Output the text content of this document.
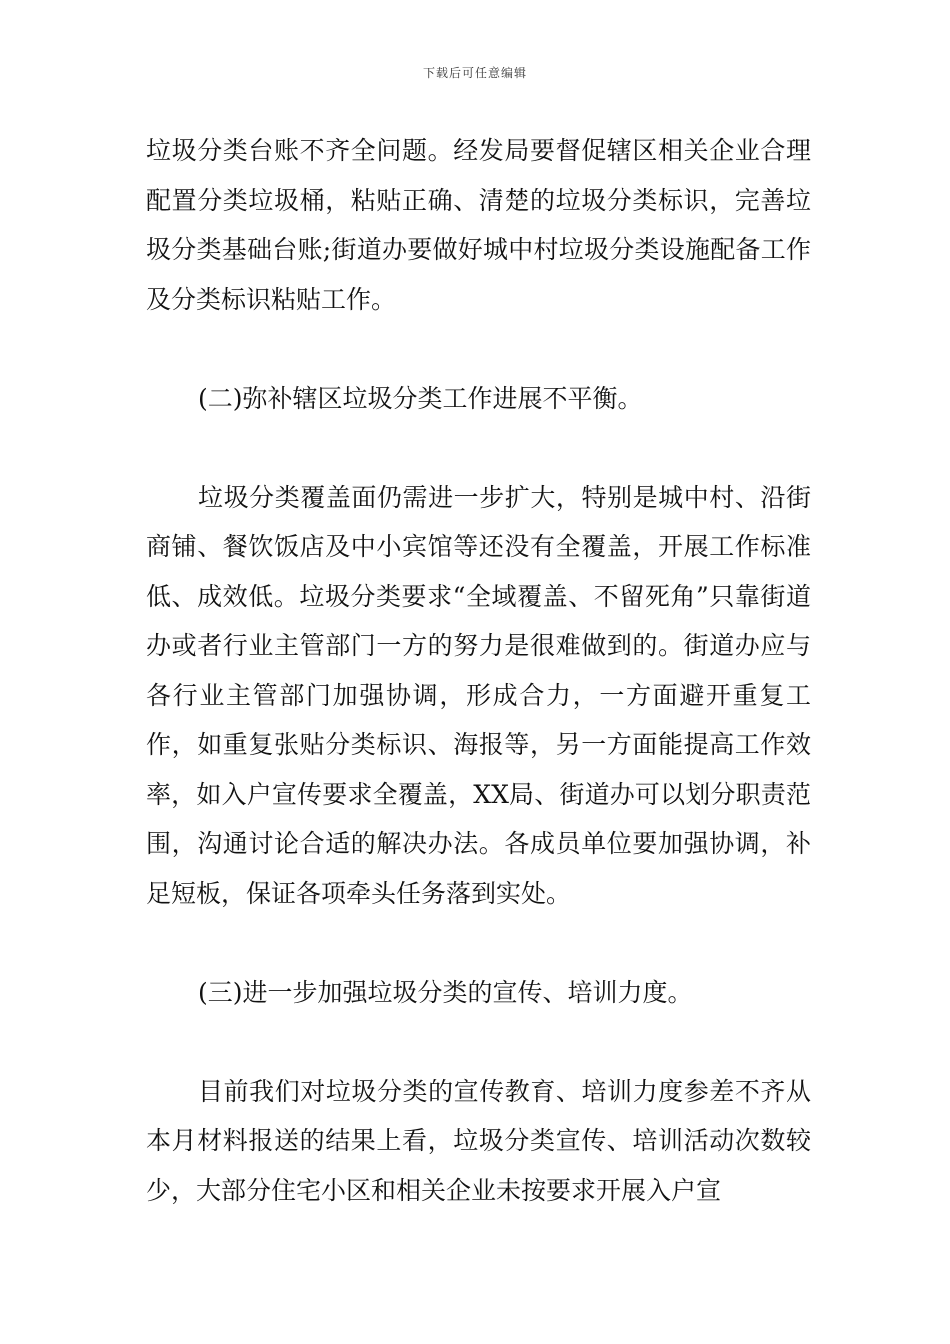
下载后可任意编辑

垃圾分类台账不齐全问题。经发局要督促辖区相关企业合理配置分类垃圾桶，粘贴正确、清楚的垃圾分类标识，完善垃圾分类基础台账;街道办要做好城中村垃圾分类设施配备工作及分类标识粘贴工作。

(二)弥补辖区垃圾分类工作进展不平衡。

垃圾分类覆盖面仍需进一步扩大，特别是城中村、沿街商铺、餐饮饭店及中小宾馆等还没有全覆盖，开展工作标准低、成效低。垃圾分类要求“全域覆盖、不留死角”只靠街道办或者行业主管部门一方的努力是很难做到的。街道办应与各行业主管部门加强协调，形成合力，一方面避开重复工作，如重复张贴分类标识、海报等，另一方面能提高工作效率，如入户宣传要求全覆盖，XX局、街道办可以划分职责范围，沟通讨论合适的解决办法。各成员单位要加强协调，补足短板，保证各项牵头任务落到实处。

(三)进一步加强垃圾分类的宣传、培训力度。

目前我们对垃圾分类的宣传教育、培训力度参差不齐从本月材料报送的结果上看，垃圾分类宣传、培训活动次数较少，大部分住宅小区和相关企业未按要求开展入户宣
